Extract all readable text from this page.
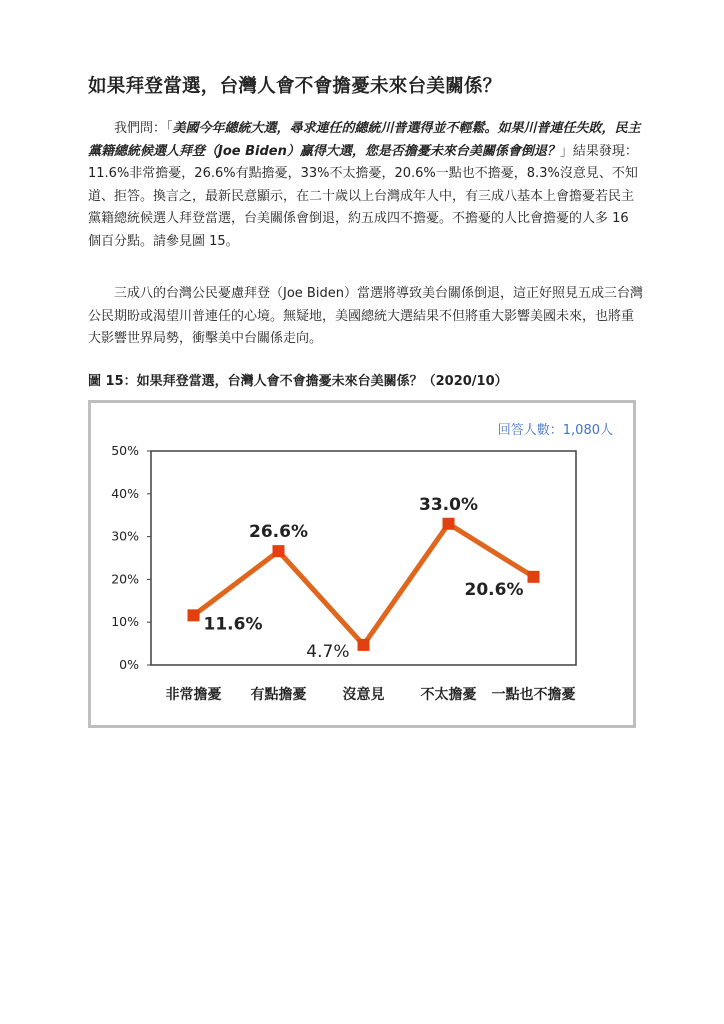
如果拜登當選，台灣人會不會擔憂未來台美關係？

我們問：「美國今年總統大選，尋求連任的總統川普選得並不輕鬆。如果川普連任失敗，民主黨籍總統候選人拜登（Joe Biden）贏得大選，您是否擔憂未來台美關係會倒退？」結果發現：11.6%非常擔憂，26.6%有點擔憂，33%不太擔憂，20.6%一點也不擔憂，8.3%沒意見、不知道、拒答。換言之，最新民意顯示，在二十歲以上台灣成年人中，有三成八基本上會擔憂若民主黨籍總統候選人拜登當選，台美關係會倒退，約五成四不擔憂。不擔憂的人比會擔憂的人多 16 個百分點。請參見圖 15。

三成八的台灣公民憂慮拜登（Joe Biden）當選將導致美台關係倒退，這正好照見五成三台灣公民期盼或渴望川普連任的心境。無疑地，美國總統大選結果不但將重大影響美國未來，也將重大影響世界局勢，衝擊美中台關係走向。

圖 15：如果拜登當選，台灣人會不會擔憂未來台美關係？（2020/10）
回答人數：1,080人
0%
10%
20%
30%
40%
50%
非常擔憂 有點擔憂	沒意見	不太擔憂 一點也不擔憂
11.6%
26.6%
4.7%
33.0%
20.6%
